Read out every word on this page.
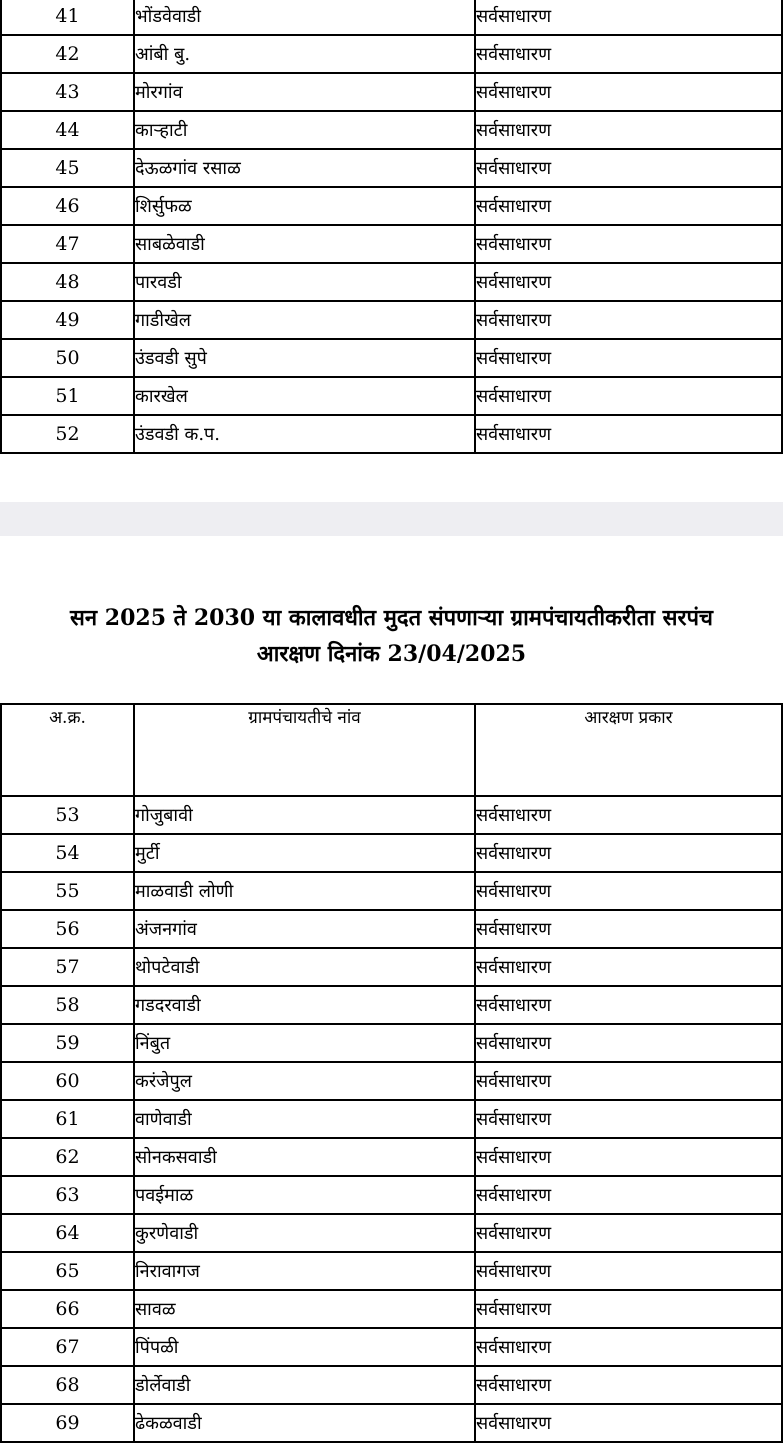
41	भोंडवेवाडी	सर्वसाधारण
42	आंबी बु.	सर्वसाधारण
43	मोरगांव	सर्वसाधारण
44	काऱ्हाटी	सर्वसाधारण
45	देऊळगांव रसाळ	सर्वसाधारण
46	शिर्सुफळ	सर्वसाधारण
47	साबळेवाडी	सर्वसाधारण
48	पारवडी	सर्वसाधारण
49	गाडीखेल	सर्वसाधारण
50	उंडवडी सुपे	सर्वसाधारण
51	कारखेल	सर्वसाधारण
52	उंडवडी क.प.	सर्वसाधारण
सन 2025 ते 2030 या कालावधीत मुदत संपणाऱ्या ग्रामपंचायतीकरीता सरपंच
आरक्षण दिनांक 23/04/2025
अ.क्र.	ग्रामपंचायतीचे नांव	आरक्षण प्रकार
53	गोजुबावी	सर्वसाधारण
54	मुर्टी	सर्वसाधारण
55	माळवाडी लोणी	सर्वसाधारण
56	अंजनगांव	सर्वसाधारण
57	थोपटेवाडी	सर्वसाधारण
58	गडदरवाडी	सर्वसाधारण
59	निंबुत	सर्वसाधारण
60	करंजेपुल	सर्वसाधारण
61	वाणेवाडी	सर्वसाधारण
62	सोनकसवाडी	सर्वसाधारण
63	पवईमाळ	सर्वसाधारण
64	कुरणेवाडी	सर्वसाधारण
65	निरावागज	सर्वसाधारण
66	सावळ	सर्वसाधारण
67	पिंपळी	सर्वसाधारण
68	डोर्लेवाडी	सर्वसाधारण
69	ढेकळवाडी	सर्वसाधारण
